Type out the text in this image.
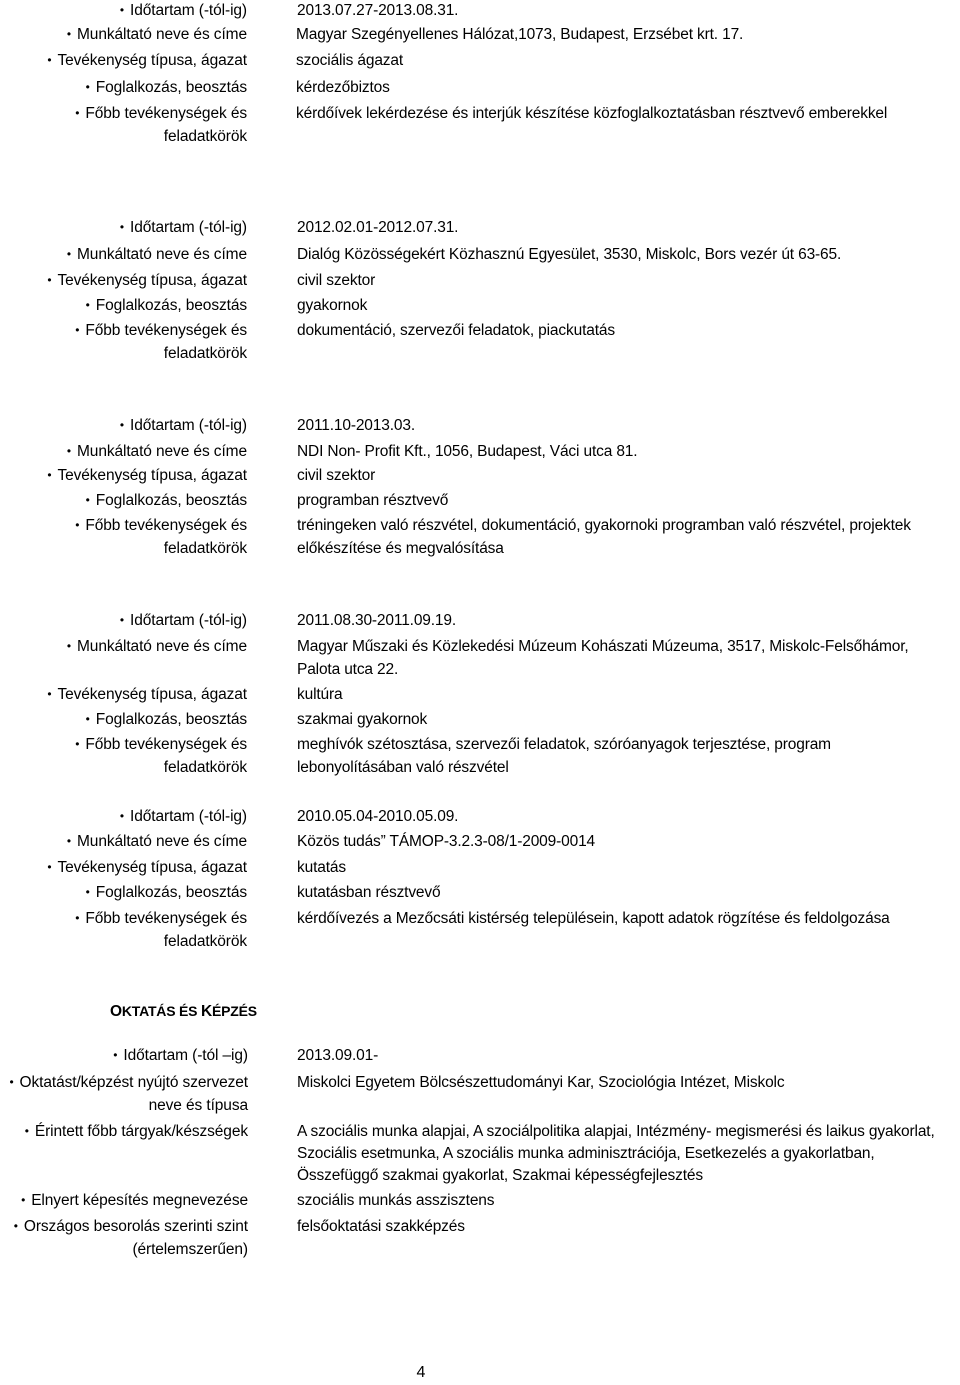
• Időtartam (-tól-ig)	2013.07.27-2013.08.31.
• Munkáltató neve és címe	Magyar Szegényellenes Hálózat,1073, Budapest, Erzsébet krt. 17.
• Tevékenység típusa, ágazat	szociális ágazat
• Foglalkozás, beosztás	kérdezőbiztos
• Főbb tevékenységek és	kérdőívek lekérdezése és interjúk készítése közfoglalkoztatásban résztvevő emberekkel
feladatkörök
• Időtartam (-tól-ig)	2012.02.01-2012.07.31.
• Munkáltató neve és címe	Dialóg Közösségekért Közhasznú Egyesület, 3530, Miskolc, Bors vezér út 63-65.
• Tevékenység típusa, ágazat	civil szektor
• Foglalkozás, beosztás	gyakornok
• Főbb tevékenységek és	dokumentáció, szervezői feladatok, piackutatás
feladatkörök
• Időtartam (-tól-ig)	2011.10-2013.03.
• Munkáltató neve és címe	NDI Non- Profit Kft., 1056, Budapest, Váci utca 81.
• Tevékenység típusa, ágazat	civil szektor
• Foglalkozás, beosztás	programban résztvevő
• Főbb tevékenységek és	tréningeken való részvétel, dokumentáció, gyakornoki programban való részvétel, projektek
feladatkörök	előkészítése és megvalósítása
• Időtartam (-tól-ig)	2011.08.30-2011.09.19.
• Munkáltató neve és címe	Magyar Műszaki és Közlekedési Múzeum Kohászati Múzeuma, 3517, Miskolc-Felsőhámor,
Palota utca 22.
• Tevékenység típusa, ágazat	kultúra
• Foglalkozás, beosztás	szakmai gyakornok
• Főbb tevékenységek és	meghívók szétosztása, szervezői feladatok, szóróanyagok terjesztése, program
feladatkörök	lebonyolításában való részvétel
• Időtartam (-tól-ig)	2010.05.04-2010.05.09.
• Munkáltató neve és címe	Közös tudás” TÁMOP-3.2.3-08/1-2009-0014
• Tevékenység típusa, ágazat	kutatás
• Foglalkozás, beosztás	kutatásban résztvevő
• Főbb tevékenységek és	kérdőívezés a Mezőcsáti kistérség településein, kapott adatok rögzítése és feldolgozása
feladatkörök
OKTATÁS ÉS KÉPZÉS
• Időtartam (-tól –ig)	2013.09.01-
• Oktatást/képzést nyújtó szervezet	Miskolci Egyetem Bölcsészettudományi Kar, Szociológia Intézet, Miskolc
neve és típusa
• Érintett főbb tárgyak/készségek	A szociális munka alapjai, A szociálpolitika alapjai, Intézmény- megismerési és laikus gyakorlat,
Szociális esetmunka, A szociális munka adminisztrációja, Esetkezelés a gyakorlatban,
Összefüggő szakmai gyakorlat, Szakmai képességfejlesztés
• Elnyert képesítés megnevezése	szociális munkás asszisztens
• Országos besorolás szerinti szint	felsőoktatási szakképzés
(értelemszerűen)
4
